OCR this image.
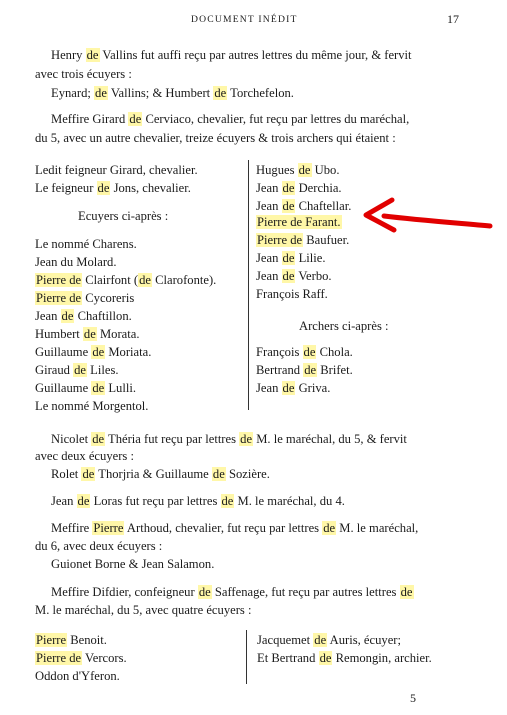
DOCUMENT INÉDIT	17
Henry de Vallins fut auffi reçu par autres lettres du même jour, & fervit
avec trois écuyers :
Eynard; de Vallins; & Humbert de Torchefelon.
Meffire Girard de Cerviaco, chevalier, fut reçu par lettres du maréchal,
du 5, avec un autre chevalier, treize écuyers & trois archers qui étaient :
Ledit feigneur Girard, chevalier.
Le feigneur de Jons, chevalier.
Ecuyers ci-après :
Le nommé Charens.
Jean du Molard.
Pierre de Clairfont (de Clarofonte).
Pierre de Cycoreris
Jean de Chaftillon.
Humbert de Morata.
Guillaume de Moriata.
Giraud de Liles.
Guillaume de Lulli.
Le nommé Morgentol.
Hugues de Ubo.
Jean de Derchia.
Jean de Chaftellar.
Pierre de Farant.
Pierre de Baufuer.
Jean de Lilie.
Jean de Verbo.
François Raff.
Archers ci-après :
François de Chola.
Bertrand de Brifet.
Jean de Griva.
Nicolet de Théria fut reçu par lettres de M. le maréchal, du 5, & fervit
avec deux écuyers :
Rolet de Thorjria & Guillaume de Sozière.
Jean de Loras fut reçu par lettres de M. le maréchal, du 4.
Meffire Pierre Arthoud, chevalier, fut reçu par lettres de M. le maréchal,
du 6, avec deux écuyers :
Guionet Borne & Jean Salamon.
Meffire Difdier, confeigneur de Saffenage, fut reçu par autres lettres de
M. le maréchal, du 5, avec quatre écuyers :
Pierre Benoit.
Pierre de Vercors.
Oddon d'Yferon.
Jacquemet de Auris, écuyer;
Et Bertrand de Remongin, archier.
5
